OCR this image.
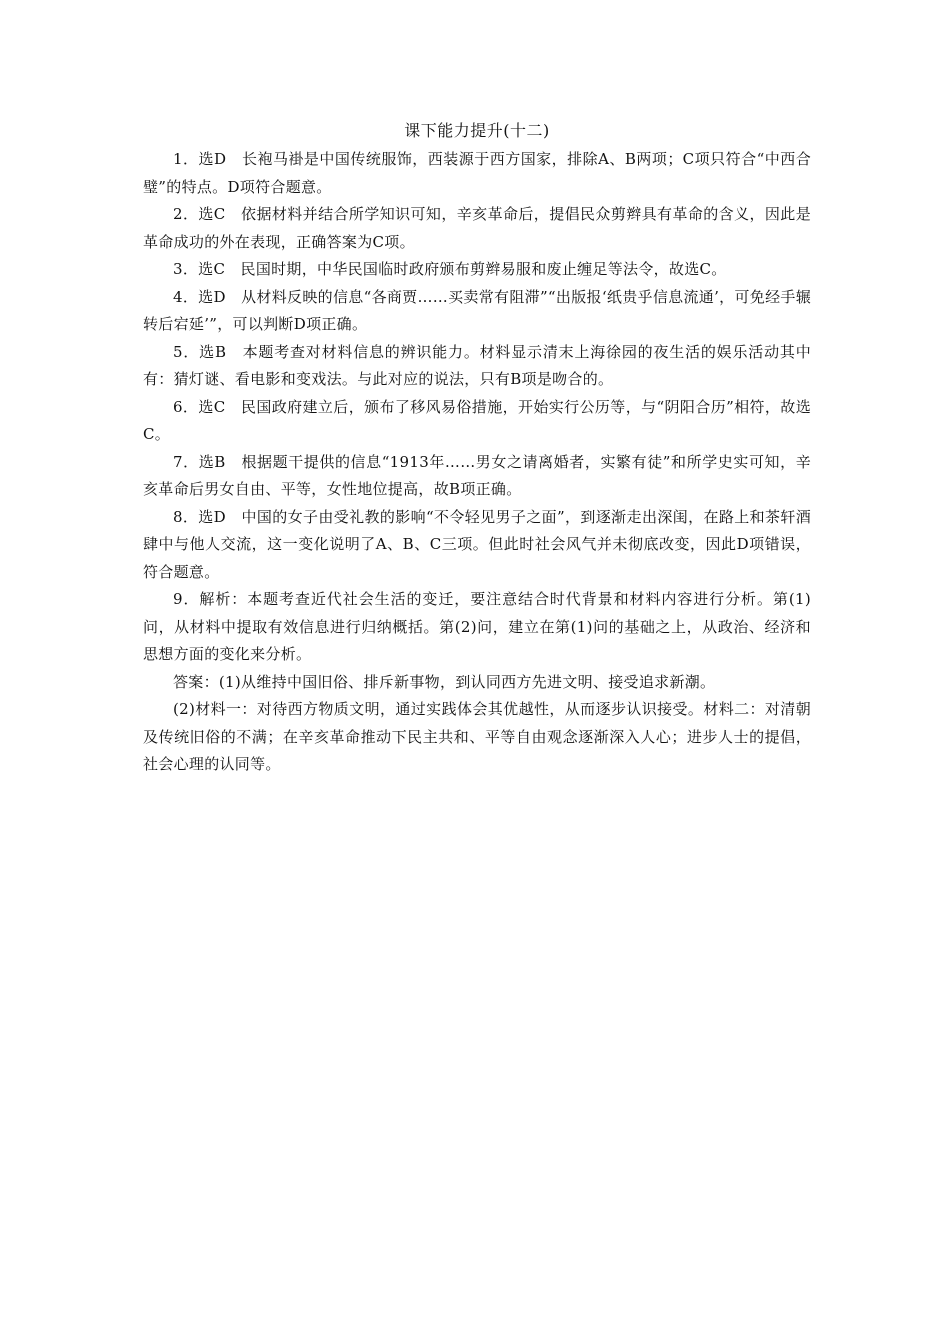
课下能力提升(十二)

1．选D　长袍马褂是中国传统服饰，西装源于西方国家，排除A、B两项；C项只符合“中西合璧”的特点。D项符合题意。

2．选C　依据材料并结合所学知识可知，辛亥革命后，提倡民众剪辫具有革命的含义，因此是革命成功的外在表现，正确答案为C项。

3．选C　民国时期，中华民国临时政府颁布剪辫易服和废止缠足等法令，故选C。

4．选D　从材料反映的信息“各商贾……买卖常有阻滞”“出版报‘纸贵乎信息流通’，可免经手辗转后宕延’”，可以判断D项正确。

5．选B　本题考查对材料信息的辨识能力。材料显示清末上海徐园的夜生活的娱乐活动其中有：猜灯谜、看电影和变戏法。与此对应的说法，只有B项是吻合的。

6．选C　民国政府建立后，颁布了移风易俗措施，开始实行公历等，与“阴阳合历”相符，故选C。

7．选B　根据题干提供的信息“1913年……男女之请离婚者，实繁有徒”和所学史实可知，辛亥革命后男女自由、平等，女性地位提高，故B项正确。

8．选D　中国的女子由受礼教的影响“不令轻见男子之面”，到逐渐走出深闺，在路上和茶轩酒肆中与他人交流，这一变化说明了A、B、C三项。但此时社会风气并未彻底改变，因此D项错误，符合题意。

9．解析：本题考查近代社会生活的变迁，要注意结合时代背景和材料内容进行分析。第(1)问，从材料中提取有效信息进行归纳概括。第(2)问，建立在第(1)问的基础之上，从政治、经济和思想方面的变化来分析。

答案：(1)从维持中国旧俗、排斥新事物，到认同西方先进文明、接受追求新潮。

(2)材料一：对待西方物质文明，通过实践体会其优越性，从而逐步认识接受。材料二：对清朝及传统旧俗的不满；在辛亥革命推动下民主共和、平等自由观念逐渐深入人心；进步人士的提倡，社会心理的认同等。
